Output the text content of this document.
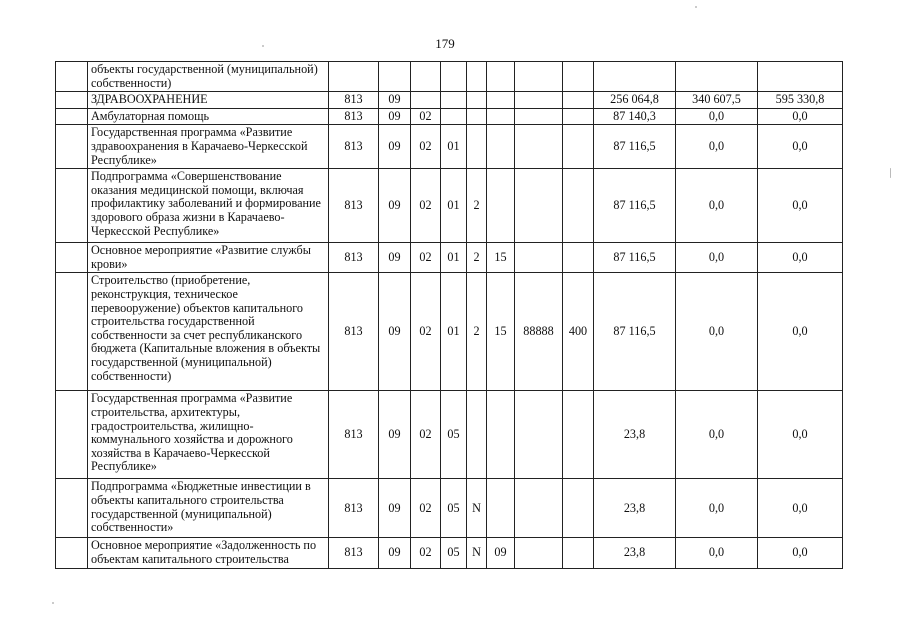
179
	объекты государственной (муниципальной) собственности)											
	ЗДРАВООХРАНЕНИЕ	813	09							256 064,8	340 607,5	595 330,8
	Амбулаторная помощь	813	09	02						87 140,3	0,0	0,0
	Государственная программа «Развитие здравоохранения в Карачаево-Черкесской Республике»	813	09	02	01					87 116,5	0,0	0,0
	Подпрограмма «Совершенствование оказания медицинской помощи, включая профилактику заболеваний и формирование здорового образа жизни в Карачаево-Черкесской Республике»	813	09	02	01	2				87 116,5	0,0	0,0
	Основное мероприятие «Развитие службы крови»	813	09	02	01	2	15			87 116,5	0,0	0,0
	Строительство (приобретение, реконструкция, техническое перевооружение) объектов капитального строительства государственной собственности за счет республиканского бюджета (Капитальные вложения в объекты государственной (муниципальной) собственности)	813	09	02	01	2	15	88888	400	87 116,5	0,0	0,0
	Государственная программа «Развитие строительства, архитектуры, градостроительства, жилищно-коммунального хозяйства и дорожного хозяйства в Карачаево-Черкесской Республике»	813	09	02	05					23,8	0,0	0,0
	Подпрограмма «Бюджетные инвестиции в объекты капитального строительства государственной (муниципальной) собственности»	813	09	02	05	N				23,8	0,0	0,0
	Основное мероприятие «Задолженность по объектам капитального строительства	813	09	02	05	N	09			23,8	0,0	0,0
